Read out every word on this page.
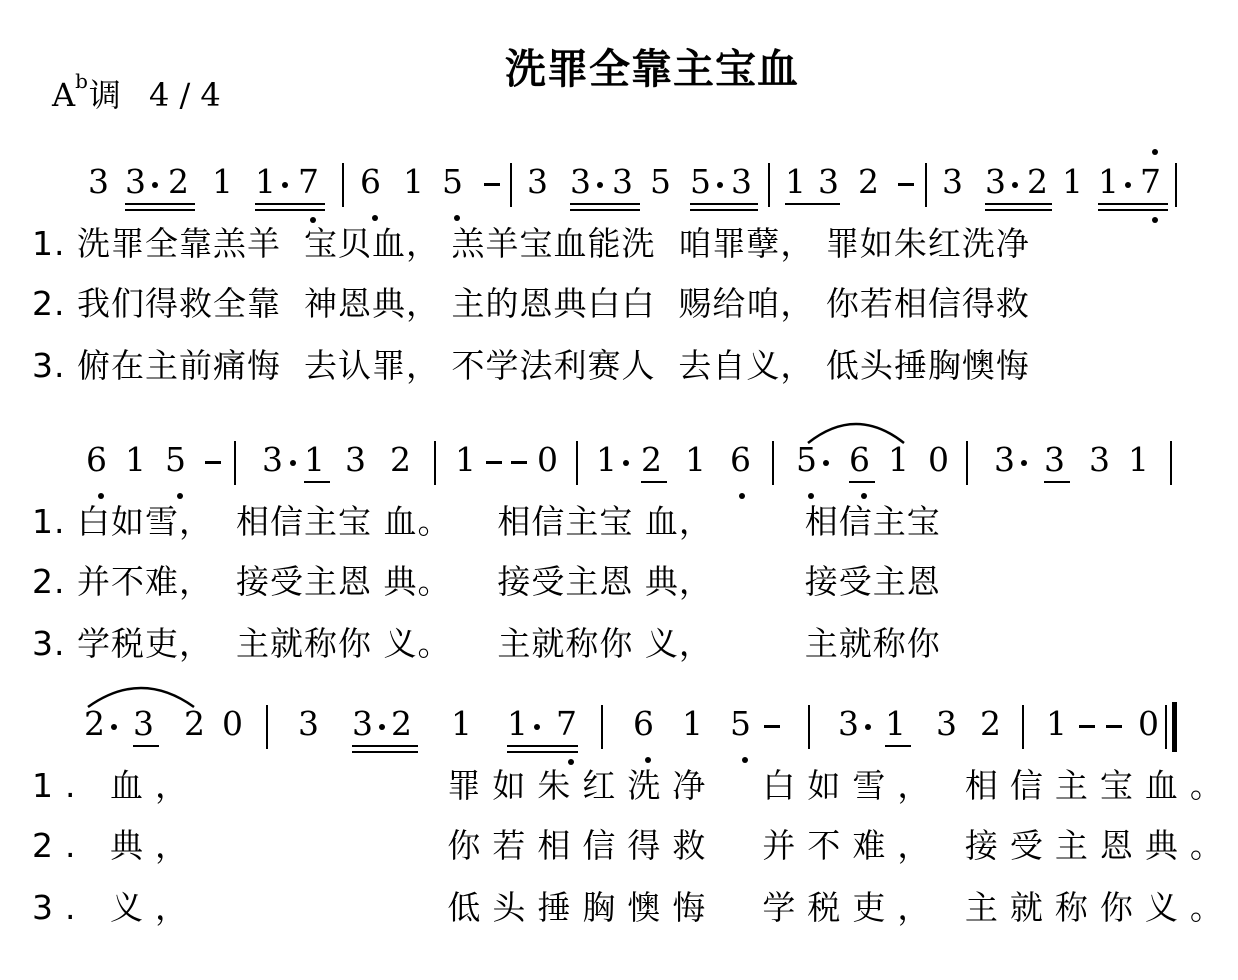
洗罪全靠主宝血
$A^b$调 4 / 4
3 3 2 1 1 7 6 1 5 3 3 3 5 5 3 1 3 2 3 3 2 1 1 7
1. 洗罪全靠羔羊  宝贝血， 羔羊宝血能洗  咱罪孽， 罪如朱红洗净
2. 我们得救全靠  神恩典， 主的恩典白白  赐给咱， 你若相信得救
3. 俯在主前痛悔  去认罪， 不学法利赛人  去自义， 低头捶胸懊悔
6 1 5 3 1 3 2 1 0 1 2 1 6 5 6 1 0 3 3 3 1
1. 白如雪，  相信主宝 血。    相信主宝 血，        相信主宝
2. 并不难，  接受主恩 典。    接受主恩 典，        接受主恩
3. 学税吏，  主就称你 义。    主就称你 义，        主就称你
2 3 2 0 3 3 2 1 1 7 6 1 5	3 1 3 2 1 0
1. 血，           罪如朱红洗净  白如雪， 相信主宝血。
2. 典，           你若相信得救  并不难， 接受主恩典。
3. 义，           低头捶胸懊悔  学税吏， 主就称你义。
